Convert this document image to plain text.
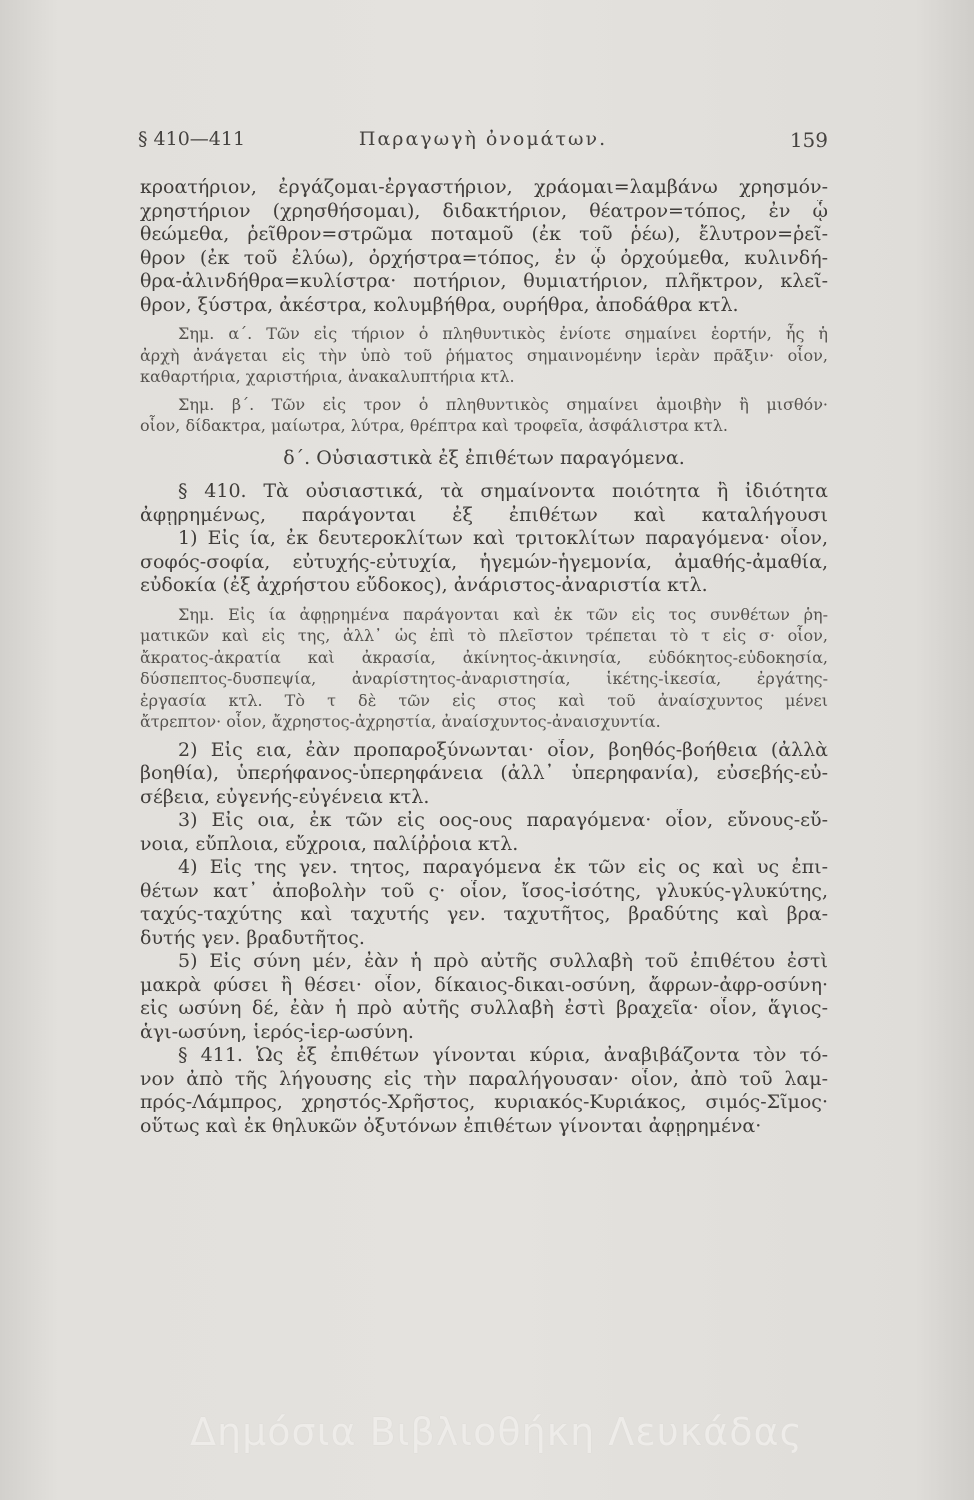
§ 410—411	Παραγωγὴ ὀνομάτων.	159
κροατήριον, ἐργάζομαι-ἐργαστήριον, χράομαι=λαμβάνω χρησμόν-
χρηστήριον (χρησθήσομαι), διδακτήριον, θέατρον=τόπος, ἐν ᾧ
θεώμεθα, ῥεῖθρον=στρῶμα ποταμοῦ (ἐκ τοῦ ῥέω), ἔλυτρον=ῥεῖ-
θρον (ἐκ τοῦ ἐλύω), ὀρχήστρα=τόπος, ἐν ᾧ ὀρχούμεθα, κυλινδή-
θρα-ἀλινδήθρα=κυλίστρα· ποτήριον, θυμιατήριον, πλῆκτρον, κλεῖ-
θρον, ξύστρα, ἀκέστρα, κολυμβήθρα, ουρήθρα, ἀποδάθρα κτλ.
Σημ. α΄. Τῶν εἰς τήριον ὁ πληθυντικὸς ἐνίοτε σημαίνει ἑορτήν, ἧς ἡ
ἀρχὴ ἀνάγεται εἰς τὴν ὑπὸ τοῦ ῥήματος σημαινομένην ἱερὰν πρᾶξιν· οἷον,
καθαρτήρια, χαριστήρια, ἀνακαλυπτήρια κτλ.
Σημ. β΄. Τῶν εἰς τρον ὁ πληθυντικὸς σημαίνει ἀμοιβὴν ἢ μισθόν·
οἷον, δίδακτρα, μαίωτρα, λύτρα, θρέπτρα καὶ τροφεῖα, ἀσφάλιστρα κτλ.
δ΄. Οὐσιαστικὰ ἐξ ἐπιθέτων παραγόμενα.
§ 410. Τὰ οὐσιαστικά, τὰ σημαίνοντα ποιότητα ἢ ἰδιότητα
ἀφῃρημένως, παράγονται ἐξ ἐπιθέτων καὶ καταλήγουσι
1) Εἰς ία, ἐκ δευτεροκλίτων καὶ τριτοκλίτων παραγόμενα· οἷον,
σοφός-σοφία, εὐτυχής-εὐτυχία, ἡγεμών-ἡγεμονία, ἀμαθής-ἀμαθία,
εὐδοκία (ἐξ ἀχρήστου εὔδοκος), ἀνάριστος-ἀναριστία κτλ.
Σημ. Εἰς ία ἀφῃρημένα παράγονται καὶ ἐκ τῶν εἰς τος συνθέτων ῥη-
ματικῶν καὶ εἰς της, ἀλλ᾽ ὡς ἐπὶ τὸ πλεῖστον τρέπεται τὸ τ εἰς σ· οἷον,
ἄκρατος-ἀκρατία καὶ ἀκρασία, ἀκίνητος-ἀκινησία, εὐδόκητος-εὐδοκησία,
δύσπεπτος-δυσπεψία, ἀναρίστητος-ἀναριστησία, ἱκέτης-ἱκεσία, ἐργάτης-
ἐργασία κτλ. Τὸ τ δὲ τῶν εἰς στος καὶ τοῦ ἀναίσχυντος μένει
ἄτρεπτον· οἷον, ἄχρηστος-ἀχρηστία, ἀναίσχυντος-ἀναισχυντία.
2) Εἰς εια, ἐὰν προπαροξύνωνται· οἷον, βοηθός-βοήθεια (ἀλλὰ
βοηθία), ὑπερήφανος-ὑπερηφάνεια (ἀλλ᾽ ὑπερηφανία), εὐσεβής-εὐ-
σέβεια, εὐγενής-εὐγένεια κτλ.
3) Εἰς οια, ἐκ τῶν εἰς οος-ους παραγόμενα· οἷον, εὔνους-εὔ-
νοια, εὔπλοια, εὔχροια, παλίῤῥοια κτλ.
4) Εἰς της γεν. τητος, παραγόμενα ἐκ τῶν εἰς ος καὶ υς ἐπι-
θέτων κατ᾽ ἀποβολὴν τοῦ ς· οἷον, ἴσος-ἰσότης, γλυκύς-γλυκύτης,
ταχύς-ταχύτης καὶ ταχυτής γεν. ταχυτῆτος, βραδύτης καὶ βρα-
δυτής γεν. βραδυτῆτος.
5) Εἰς σύνη μέν, ἐὰν ἡ πρὸ αὐτῆς συλλαβὴ τοῦ ἐπιθέτου ἐστὶ
μακρὰ φύσει ἢ θέσει· οἷον, δίκαιος-δικαι-οσύνη, ἄφρων-ἀφρ-οσύνη·
εἰς ωσύνη δέ, ἐὰν ἡ πρὸ αὐτῆς συλλαβὴ ἐστὶ βραχεῖα· οἷον, ἅγιος-
ἁγι-ωσύνη, ἱερός-ἱερ-ωσύνη.
§ 411. Ὡς ἐξ ἐπιθέτων γίνονται κύρια, ἀναβιβάζοντα τὸν τό-
νον ἀπὸ τῆς λήγουσης εἰς τὴν παραλήγουσαν· οἷον, ἀπὸ τοῦ λαμ-
πρός-Λάμπρος, χρηστός-Χρῆστος, κυριακός-Κυριάκος, σιμός-Σῖμος·
οὕτως καὶ ἐκ θηλυκῶν ὀξυτόνων ἐπιθέτων γίνονται ἀφῃρημένα·
Δημόσια Βιβλιοθήκη Λευκάδας
